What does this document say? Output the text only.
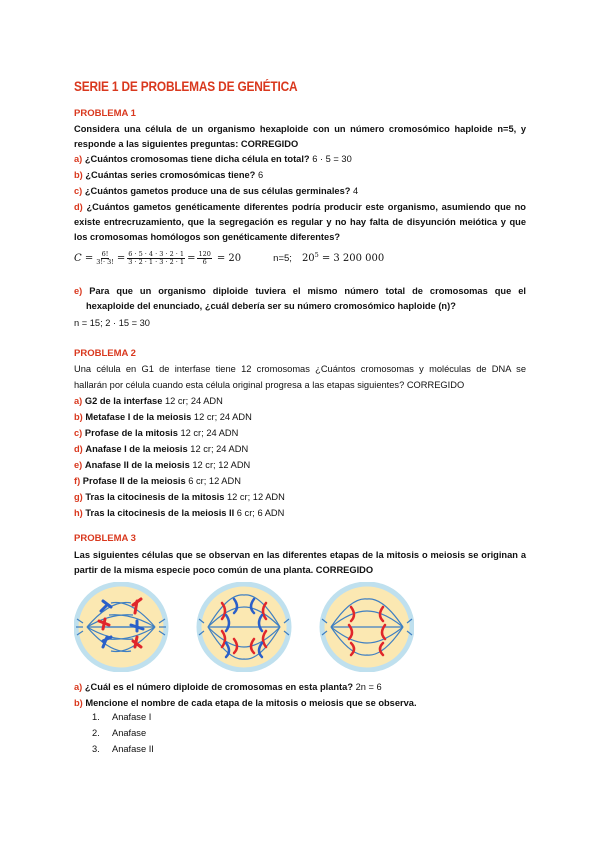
SERIE 1 DE PROBLEMAS DE GENÉTICA
PROBLEMA 1
Considera una célula de un organismo hexaploide con un número cromosómico haploide n=5, y
responde a las siguientes preguntas: CORREGIDO
a) ¿Cuántos cromosomas tiene dicha célula en total? 6 · 5 = 30
b) ¿Cuántas series cromosómicas tiene? 6
c) ¿Cuántos gametos produce una de sus células germinales? 4
d) ¿Cuántos gametos genéticamente diferentes podría producir este organismo, asumiendo que no
existe entrecruzamiento, que la segregación es regular y no hay falta de disyunción meiótica y que
los cromosomas homólogos son genéticamente diferentes?
$C = \frac{6!}{3!\cdot 3!} = \frac{6 \cdot 5 \cdot 4 \cdot 3 \cdot 2 \cdot 1}{3 \cdot 2 \cdot 1 \cdot 3 \cdot 2 \cdot 1} = \frac{120}{6} = 20$	n=5; $20^5 = 3$ 200 000
e) Para que un organismo diploide tuviera el mismo número total de cromosomas que el
hexaploide del enunciado, ¿cuál debería ser su número cromosómico haploide (n)?
n = 15; 2 · 15 = 30
PROBLEMA 2
Una célula en G1 de interfase tiene 12 cromosomas ¿Cuántos cromosomas y moléculas de DNA se
hallarán por célula cuando esta célula original progresa a las etapas siguientes? CORREGIDO
a) G2 de la interfase 12 cr; 24 ADN
b) Metafase I de la meiosis 12 cr; 24 ADN
c) Profase de la mitosis 12 cr; 24 ADN
d) Anafase I de la meiosis 12 cr; 24 ADN
e) Anafase II de la meiosis 12 cr; 12 ADN
f) Profase II de la meiosis 6 cr; 12 ADN
g) Tras la citocinesis de la mitosis 12 cr; 12 ADN
h) Tras la citocinesis de la meiosis II 6 cr; 6 ADN
PROBLEMA 3
Las siguientes células que se observan en las diferentes etapas de la mitosis o meiosis se originan a
partir de la misma especie poco común de una planta. CORREGIDO
a) ¿Cuál es el número diploide de cromosomas en esta planta? 2n = 6
b) Mencione el nombre de cada etapa de la mitosis o meiosis que se observa.
1. Anafase I
2. Anafase
3. Anafase II
